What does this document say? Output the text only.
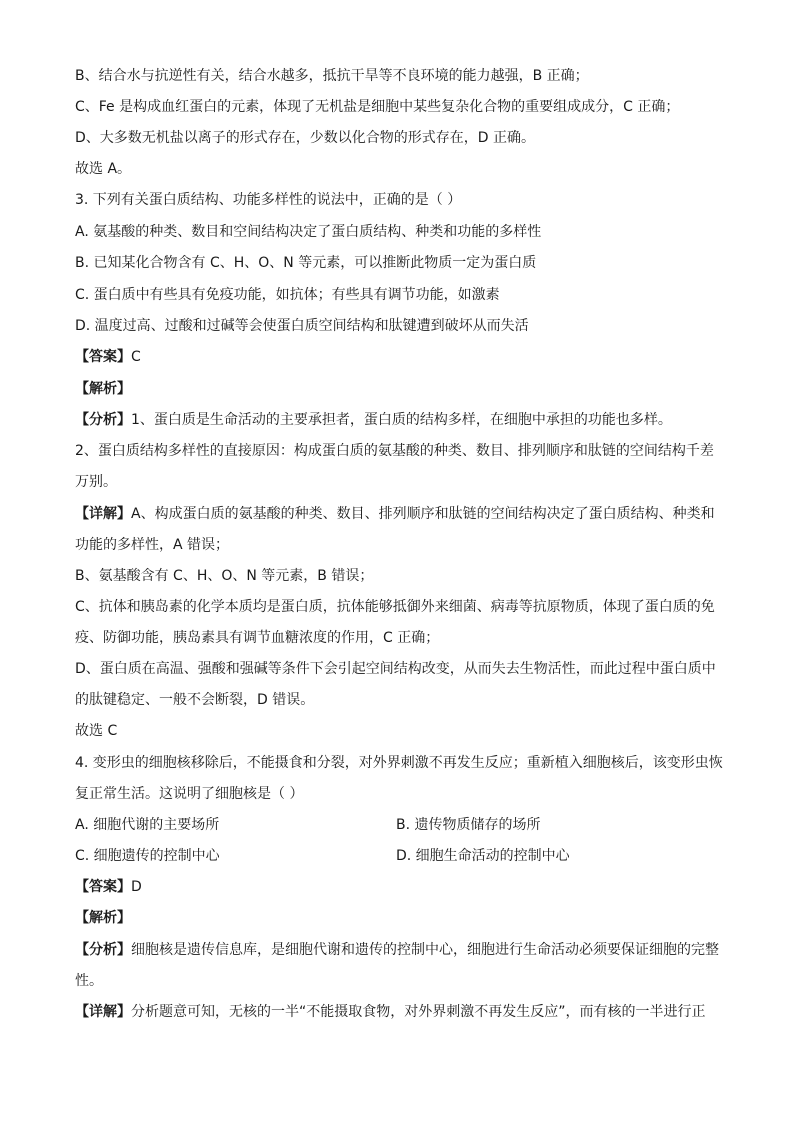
B、结合水与抗逆性有关，结合水越多，抵抗干旱等不良环境的能力越强，B 正确；
C、Fe 是构成血红蛋白的元素，体现了无机盐是细胞中某些复杂化合物的重要组成成分，C 正确；
D、大多数无机盐以离子的形式存在，少数以化合物的形式存在，D 正确。
故选 A。
3. 下列有关蛋白质结构、功能多样性的说法中，正确的是（ ）
A. 氨基酸的种类、数目和空间结构决定了蛋白质结构、种类和功能的多样性
B. 已知某化合物含有 C、H、O、N 等元素，可以推断此物质一定为蛋白质
C. 蛋白质中有些具有免疫功能，如抗体；有些具有调节功能，如激素
D. 温度过高、过酸和过碱等会使蛋白质空间结构和肽键遭到破坏从而失活
【答案】C
【解析】
【分析】1、蛋白质是生命活动的主要承担者，蛋白质的结构多样，在细胞中承担的功能也多样。
2、蛋白质结构多样性的直接原因：构成蛋白质的氨基酸的种类、数目、排列顺序和肽链的空间结构千差
万别。
【详解】A、构成蛋白质的氨基酸的种类、数目、排列顺序和肽链的空间结构决定了蛋白质结构、种类和
功能的多样性，A 错误；
B、氨基酸含有 C、H、O、N 等元素，B 错误；
C、抗体和胰岛素的化学本质均是蛋白质，抗体能够抵御外来细菌、病毒等抗原物质，体现了蛋白质的免
疫、防御功能，胰岛素具有调节血糖浓度的作用，C 正确；
D、蛋白质在高温、强酸和强碱等条件下会引起空间结构改变，从而失去生物活性，而此过程中蛋白质中
的肽键稳定、一般不会断裂，D 错误。
故选 C
4. 变形虫的细胞核移除后，不能摄食和分裂，对外界刺激不再发生反应；重新植入细胞核后，该变形虫恢
复正常生活。这说明了细胞核是（ ）
A. 细胞代谢的主要场所	B. 遗传物质储存的场所
C. 细胞遗传的控制中心	D. 细胞生命活动的控制中心
【答案】D
【解析】
【分析】细胞核是遗传信息库，是细胞代谢和遗传的控制中心，细胞进行生命活动必须要保证细胞的完整
性。
【详解】分析题意可知，无核的一半“不能摄取食物，对外界刺激不再发生反应”，而有核的一半进行正
